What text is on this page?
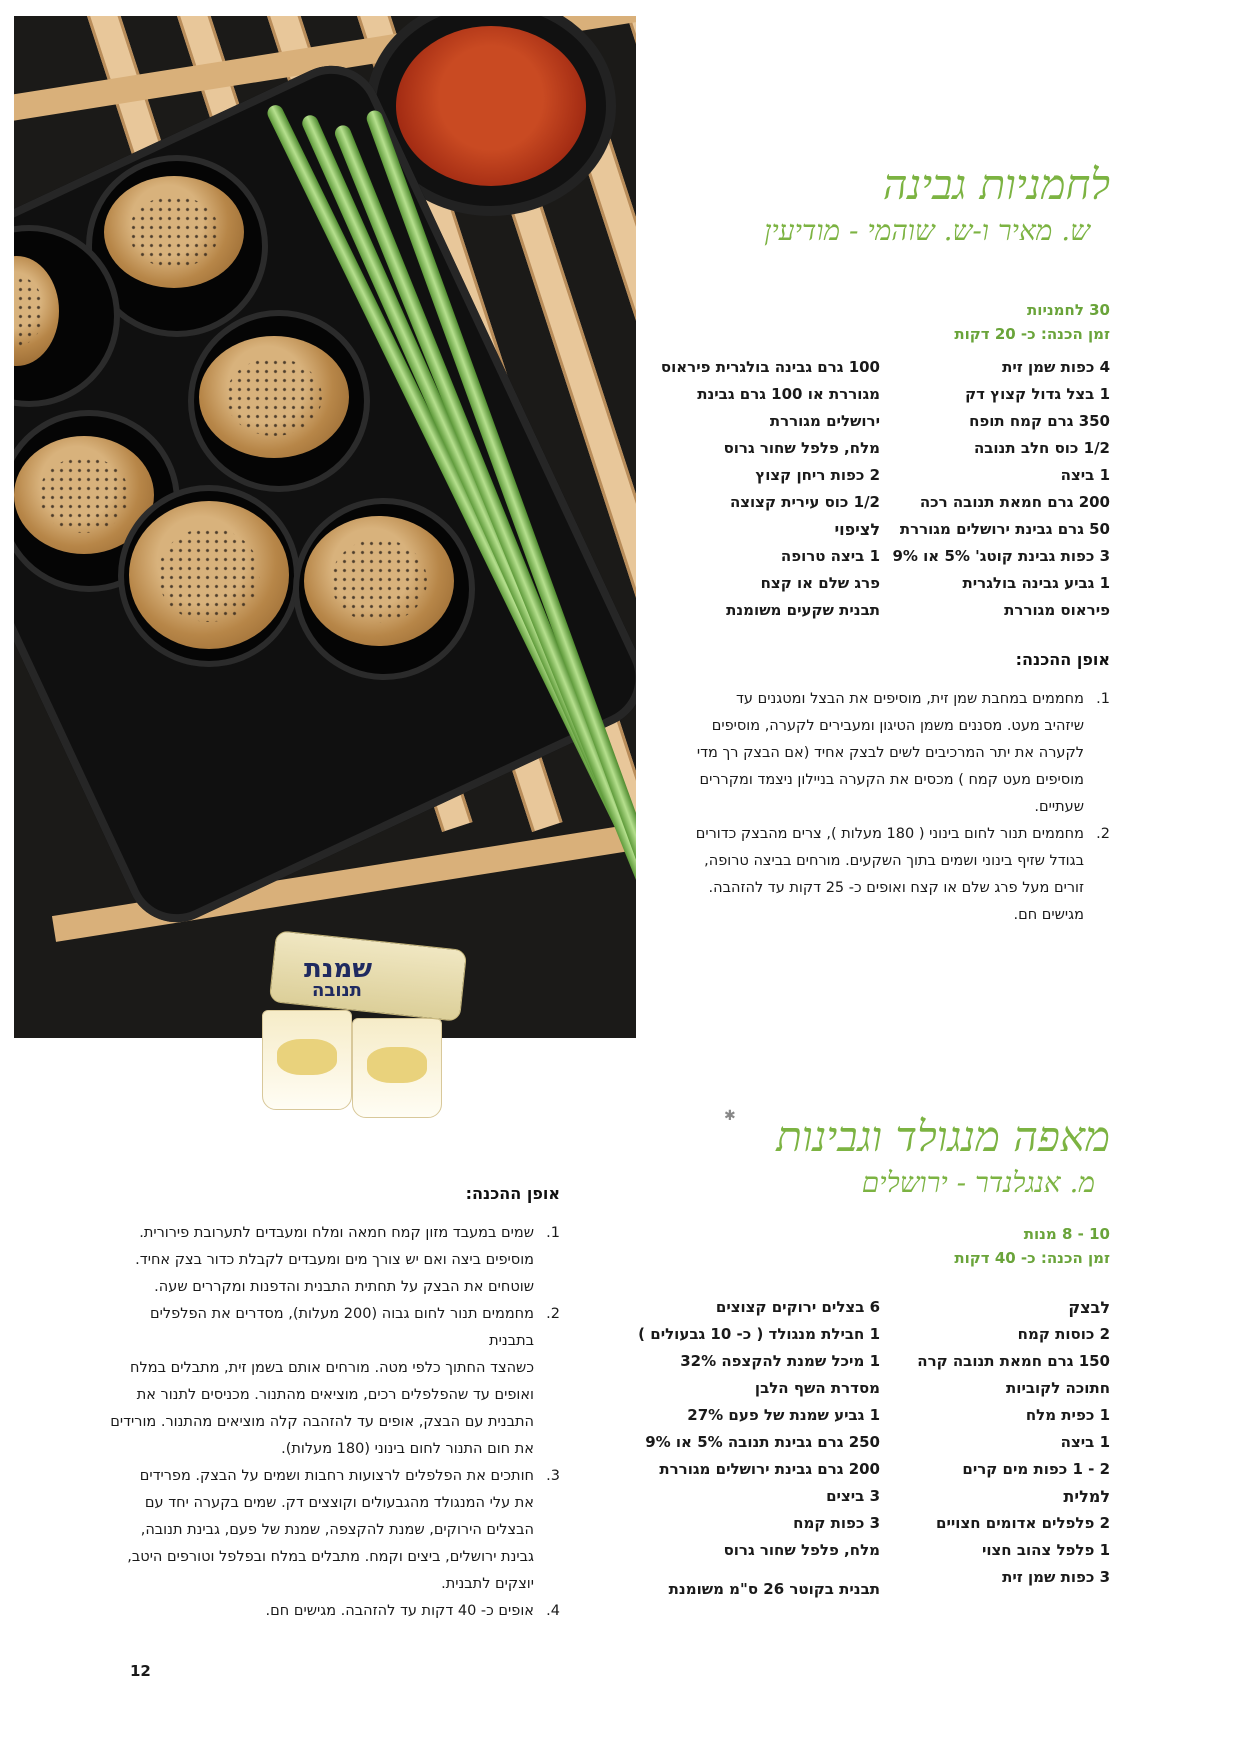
שמנת
תנובה
לחמניות גבינה
ש. מאיר ו-ש. שוהמי - מודיעין
30 לחמניות
זמן הכנה: כ- 20 דקות
4 כפות שמן זית
1 בצל גדול קצוץ דק
350 גרם קמח תופח
1/2 כוס חלב תנובה
1 ביצה
200 גרם חמאת תנובה רכה
50 גרם גבינת ירושלים מגוררת
3 כפות גבינת קוטג' 5% או 9%
1 גביע גבינה בולגרית
פיראוס מגוררת
100 גרם גבינה בולגרית פיראוס
מגוררת או 100 גרם גבינת
ירושלים מגוררת
מלח, פלפל שחור גרוס
2 כפות ריחן קצוץ
1/2 כוס עירית קצוצה
לציפוי
1 ביצה טרופה
פרג שלם או קצח
תבנית שקעים משומנת
אופן ההכנה:
1.
מחממים במחבת שמן זית, מוסיפים את הבצל ומטגנים עד
שיזהיב מעט. מסננים משמן הטיגון ומעבירים לקערה, מוסיפים
לקערה את יתר המרכיבים לשים לבצק אחיד (אם הבצק רך מדי
מוסיפים מעט קמח ) מכסים את הקערה בניילון ניצמד ומקררים
שעתיים.
2.
מחממים תנור לחום בינוני ( 180 מעלות ), צרים מהבצק כדורים
בגודל שזיף בינוני ושמים בתוך השקעים. מורחים בביצה טרופה,
זורים מעל פרג שלם או קצח ואופים כ- 25 דקות עד להזהבה.
מגישים חם.
✱ מאפה מנגולד וגבינות
מ. אנגלנדר - ירושלים
10 - 8 מנות
זמן הכנה: כ- 40 דקות
לבצק
2 כוסות קמח
150 גרם חמאת תנובה קרה
חתוכה לקוביות
1 כפית מלח
1 ביצה
2 - 1 כפות מים קרים
למלית
2 פלפלים אדומים חצויים
1 פלפל צהוב חצוי
3 כפות שמן זית
6 בצלים ירוקים קצוצים
1 חבילת מנגולד ( כ- 10 גבעולים )
1 מיכל שמנת להקצפה 32%
מסדרת השף הלבן
1 גביע שמנת של פעם 27%
250 גרם גבינת תנובה 5% או 9%
200 גרם גבינת ירושלים מגוררת
3 ביצים
3 כפות קמח
מלח, פלפל שחור גרוס
תבנית בקוטר 26 ס"מ משומנת
אופן ההכנה:
1.
שמים במעבד מזון קמח חמאה ומלח ומעבדים לתערובת פירורית.
מוסיפים ביצה ואם יש צורך מים ומעבדים לקבלת כדור בצק אחיד.
שוטחים את הבצק על תחתית התבנית והדפנות ומקררים שעה.
2.
מחממים תנור לחום גבוה (200 מעלות), מסדרים את הפלפלים בתבנית
כשהצד החתוך כלפי מטה. מורחים אותם בשמן זית, מתבלים במלח
ואופים עד שהפלפלים רכים, מוציאים מהתנור. מכניסים לתנור את
התבנית עם הבצק, אופים עד להזהבה קלה מוציאים מהתנור. מורידים
את חום התנור לחום בינוני (180 מעלות).
3.
חותכים את הפלפלים לרצועות רחבות ושמים על הבצק. מפרידים
את עלי המנגולד מהגבעולים וקוצצים דק. שמים בקערה יחד עם
הבצלים הירוקים, שמנת להקצפה, שמנת של פעם, גבינת תנובה,
גבינת ירושלים, ביצים וקמח. מתבלים במלח ובפלפל וטורפים היטב,
יוצקים לתבנית.
4.
אופים כ- 40 דקות עד להזהבה. מגישים חם.
12
